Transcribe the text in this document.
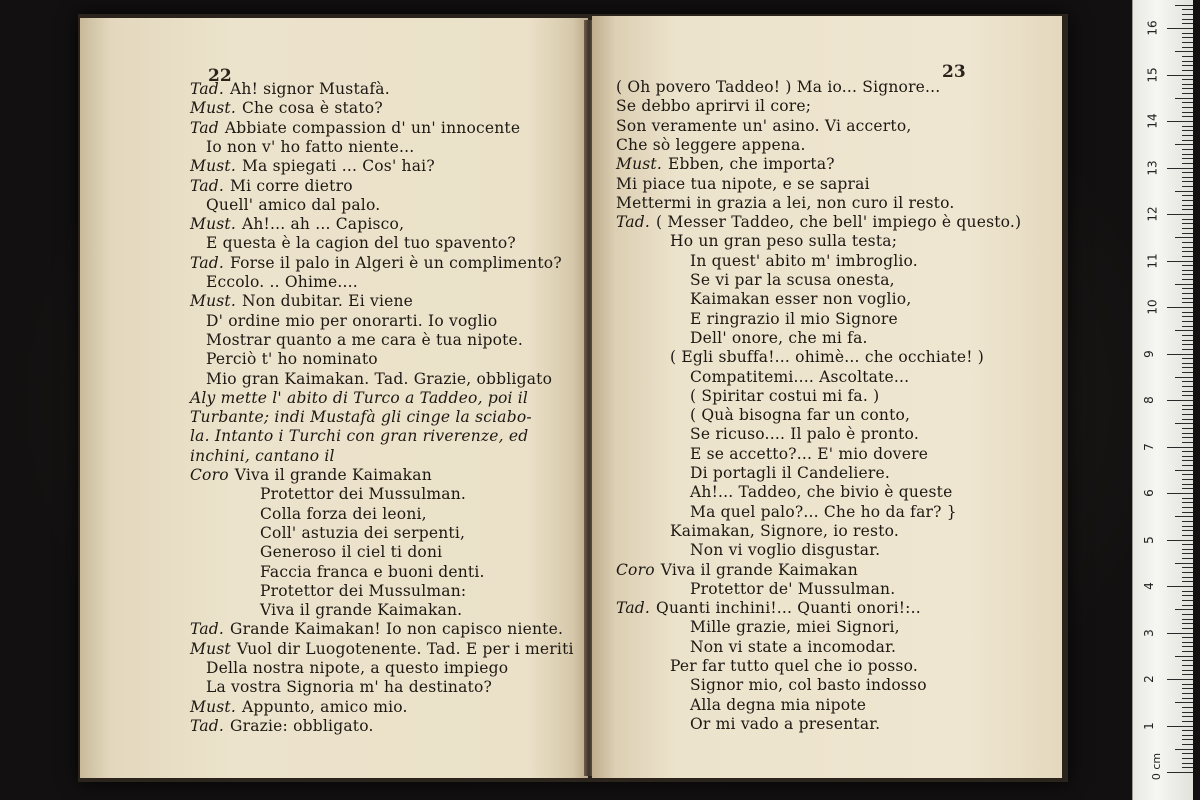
22
Tad. Ah! signor Mustafà.
Must. Che cosa è stato?
Tad Abbiate compassion d' un' innocente
Io non v' ho fatto niente...
Must. Ma spiegati ... Cos' hai?
Tad. Mi corre dietro
Quell' amico dal palo.
Must. Ah!... ah ... Capisco,
E questa è la cagion del tuo spavento?
Tad. Forse il palo in Algeri è un complimento?
Eccolo. .. Ohime....
Must. Non dubitar. Ei viene
D' ordine mio per onorarti. Io voglio
Mostrar quanto a me cara è tua nipote.
Perciò t' ho nominato
Mio gran Kaimakan. Tad. Grazie, obbligato
Aly mette l' abito di Turco a Taddeo, poi il
Turbante; indi Mustafà gli cinge la sciabo-
la. Intanto i Turchi con gran riverenze, ed
inchini, cantano il
Coro Viva il grande Kaimakan
Protettor dei Mussulman.
Colla forza dei leoni,
Coll' astuzia dei serpenti,
Generoso il ciel ti doni
Faccia franca e buoni denti.
Protettor dei Mussulman:
Viva il grande Kaimakan.
Tad. Grande Kaimakan! Io non capisco niente.
Must Vuol dir Luogotenente. Tad. E per i meriti
Della nostra nipote, a questo impiego
La vostra Signoria m' ha destinato?
Must. Appunto, amico mio.
Tad. Grazie: obbligato.
23
( Oh povero Taddeo! ) Ma io... Signore...
Se debbo aprirvi il core;
Son veramente un' asino. Vi accerto,
Che sò leggere appena.
Must. Ebben, che importa?
Mi piace tua nipote, e se saprai
Mettermi in grazia a lei, non curo il resto.
Tad. ( Messer Taddeo, che bell' impiego è questo.)
Ho un gran peso sulla testa;
In quest' abito m' imbroglio.
Se vi par la scusa onesta,
Kaimakan esser non voglio,
E ringrazio il mio Signore
Dell' onore, che mi fa.
( Egli sbuffa!... ohimè... che occhiate! )
Compatitemi.... Ascoltate...
( Spiritar costui mi fa. )
( Quà bisogna far un conto,
Se ricuso.... Il palo è pronto.
E se accetto?... E' mio dovere
Di portagli il Candeliere.
Ah!... Taddeo, che bivio è queste
Ma quel palo?... Che ho da far? }
Kaimakan, Signore, io resto.
Non vi voglio disgustar.
Coro Viva il grande Kaimakan
Protettor de' Mussulman.
Tad. Quanti inchini!... Quanti onori!:..
Mille grazie, miei Signori,
Non vi state a incomodar.
Per far tutto quel che io posso.
Signor mio, col basto indosso
Alla degna mia nipote
Or mi vado a presentar.
0 cm
1
2
3
4
5
6
7
8
9
10
11
12
13
14
15
16
